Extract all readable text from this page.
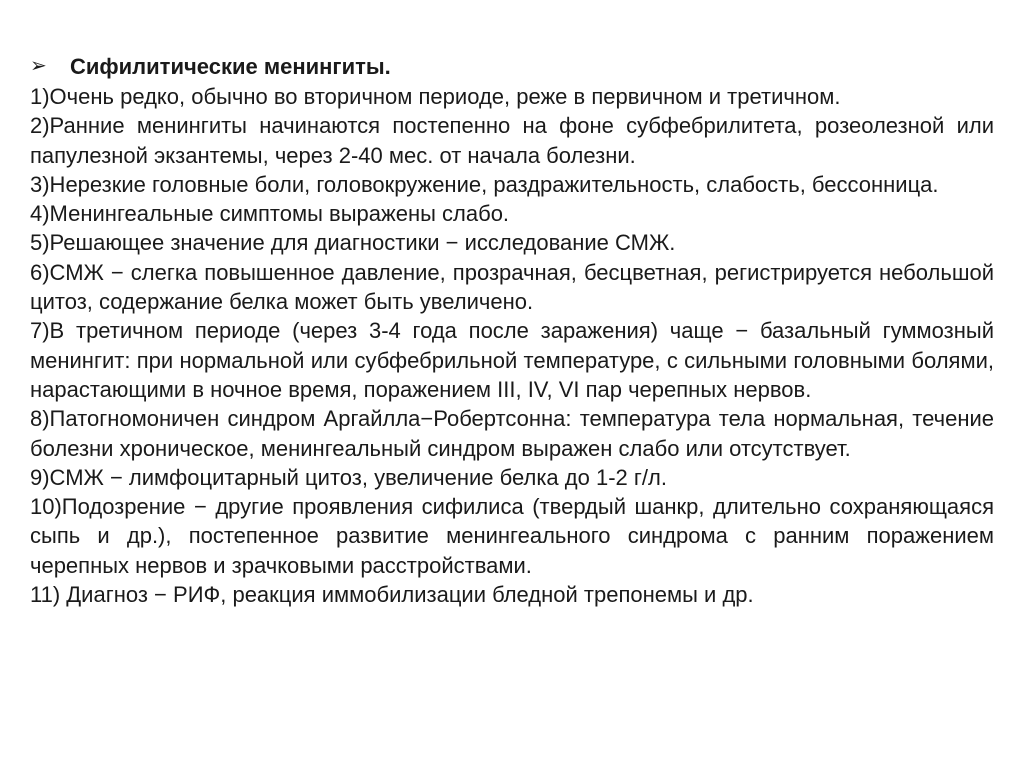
➢	Сифилитические менингиты.
1)Очень редко, обычно во вторичном периоде, реже в первичном и третичном.
2)Ранние менингиты начинаются постепенно на фоне субфебрилитета, розеолезной или папулезной экзантемы, через 2-40 мес. от начала болезни.
3)Нерезкие головные боли, головокружение, раздражительность, слабость, бессонница.
4)Менингеальные симптомы выражены слабо.
5)Решающее значение для диагностики − исследование СМЖ.
6)СМЖ − слегка повышенное давление, прозрачная, бесцветная, регистрируется небольшой цитоз, содержание белка может быть увеличено.
7)В третичном периоде (через 3-4 года после заражения) чаще − базальный гуммозный менингит: при нормальной или субфебрильной температуре, с сильными головными болями, нарастающими в ночное время, поражением III, IV, VI пар черепных нервов.
8)Патогномоничен синдром Аргайлла−Робертсонна: температура тела нормальная, течение болезни хроническое, менингеальный синдром выражен слабо или отсутствует.
9)СМЖ − лимфоцитарный цитоз, увеличение белка до 1-2 г/л.
10)Подозрение − другие проявления сифилиса (твердый шанкр, длительно сохраняющаяся сыпь и др.), постепенное развитие менингеального синдрома с ранним поражением черепных нервов и зрачковыми расстройствами.
11) Диагноз − РИФ, реакция иммобилизации бледной трепонемы и др.
